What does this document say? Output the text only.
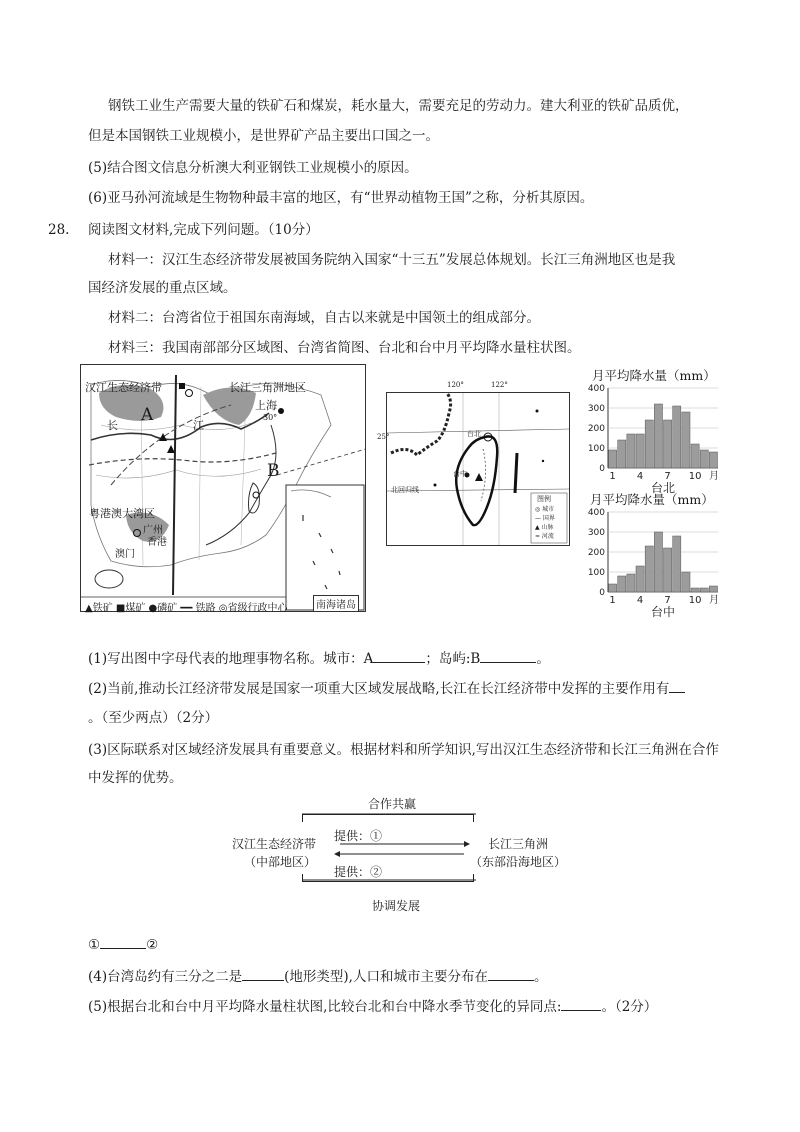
钢铁工业生产需要大量的铁矿石和煤炭，耗水量大，需要充足的劳动力。建大利亚的铁矿品质优，
但是本国钢铁工业规模小，是世界矿产品主要出口国之一。
(5)结合图文信息分析澳大利亚钢铁工业规模小的原因。
(6)亚马孙河流域是生物物种最丰富的地区，有“世界动植物王国”之称，分析其原因。
28. 阅读图文材料,完成下列问题。（10分）
材料一：汉江生态经济带发展被国务院纳入国家“十三五”发展总体规划。长江三角洲地区也是我
国经济发展的重点区域。
材料二：台湾省位于祖国东南海域，自古以来就是中国领土的组成部分。
材料三：我国南部部分区域图、台湾省简图、台北和台中月平均降水量柱状图。
汉江生态经济带	长江三角洲地区
上海
A
B
长	江
30°
粤港澳大湾区
广州
香港
澳门
南海诸岛
▲铁矿 ■煤矿 ●磷矿 ━━ 铁路 ◎省级行政中心
120°	122°
25°	台北
台中
北回归线
图例
◎ 城市
— 国界
▲ 山脉
≈ 河流
月平均降水量（mm）
0
100
200
300
400
1 4 7 10 月
台北
月平均降水量（mm）
0
100
200
300
400
1 4 7 10 月
台中
(1)写出图中字母代表的地理事物名称。城市：A	；岛屿:B	。
(2)当前,推动长江经济带发展是国家一项重大区域发展战略,长江在长江经济带中发挥的主要作用有
。（至少两点）（2分）
(3)区际联系对区域经济发展具有重要意义。根据材料和所学知识,写出汉江生态经济带和长江三角洲在合作
中发挥的优势。
合作共赢
汉江生态经济带
（中部地区）
长江三角洲
（东部沿海地区）
提供：①
提供：②
协调发展
①	②
(4)台湾岛约有三分之二是	(地形类型),人口和城市主要分布在	。
(5)根据台北和台中月平均降水量柱状图,比较台北和台中降水季节变化的异同点:	。（2分）
